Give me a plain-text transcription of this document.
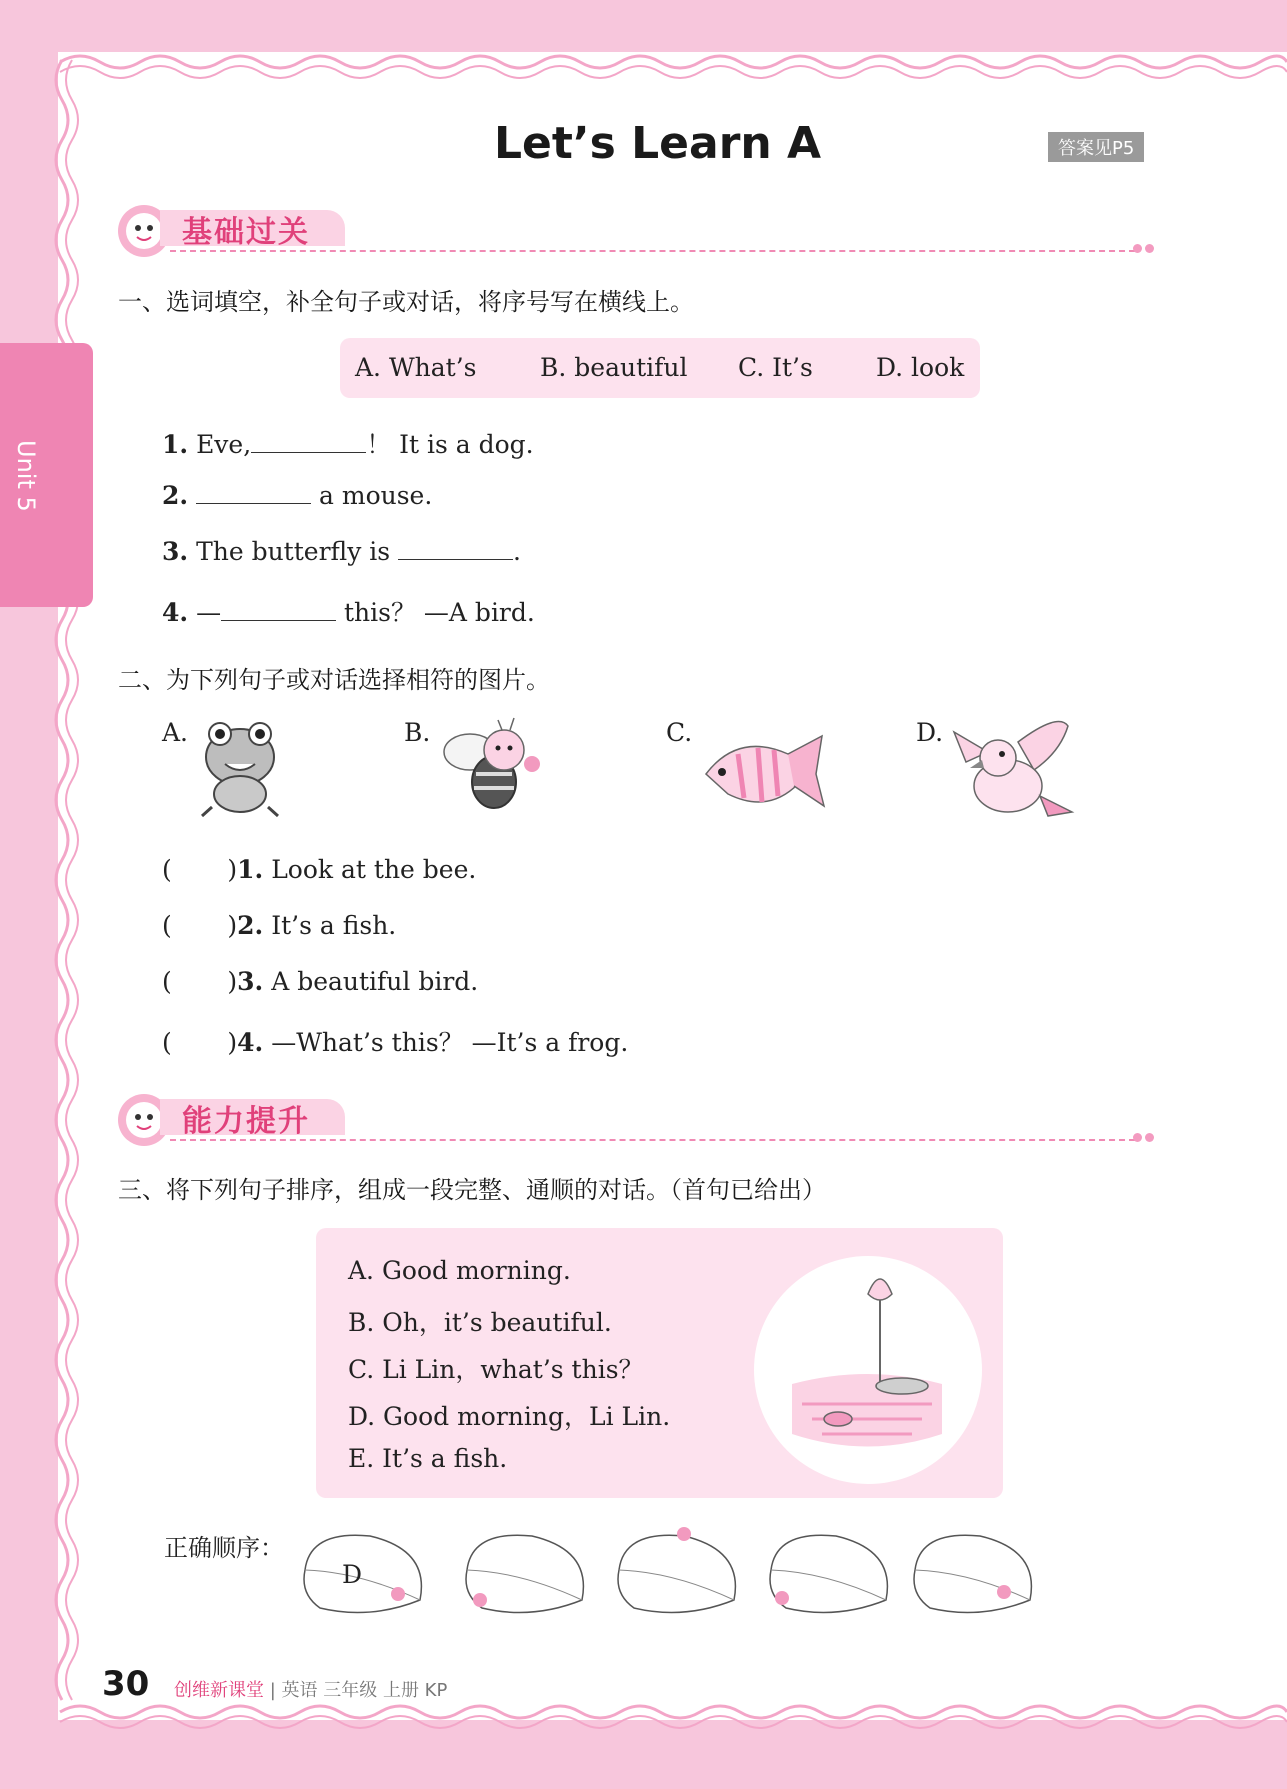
Unit 5
Let’s Learn A	答案见P5
基础过关
一、选词填空，补全句子或对话，将序号写在横线上。
A. What’s	B. beautiful C. It’s	D. look
1. Eve,	！ It is a dog.
2.	a mouse.
3. The butterfly is	.
4. —	this？ —A bird.
二、为下列句子或对话选择相符的图片。
A.	B.	C.	D.
(       )1. Look at the bee.
(       )2. It’s a fish.
(       )3. A beautiful bird.
(       )4. —What’s this？ —It’s a frog.
能力提升
三、将下列句子排序，组成一段完整、通顺的对话。（首句已给出）
A. Good morning.
B. Oh，it’s beautiful.
C. Li Lin，what’s this？
D. Good morning，Li Lin.
E. It’s a fish.
正确顺序：
D
30 创维新课堂 | 英语 三年级 上册 KP
